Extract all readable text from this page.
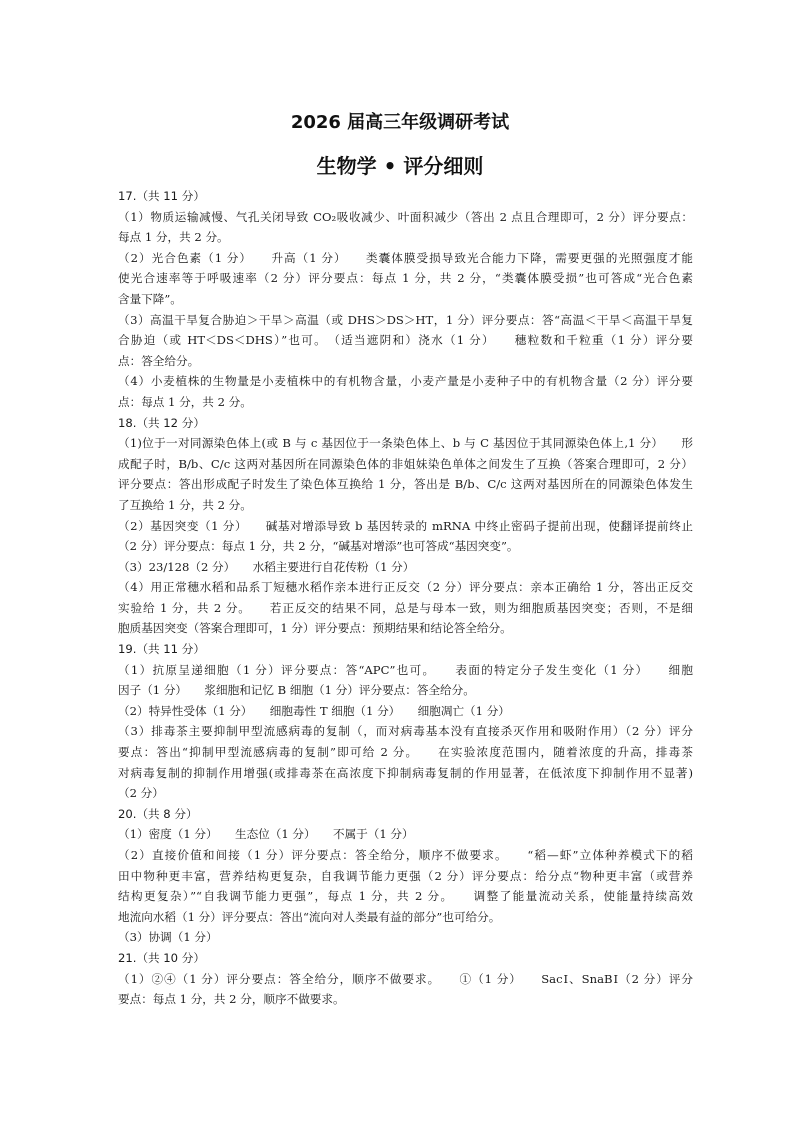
2026 届高三年级调研考试
生物学 • 评分细则
17.（共 11 分）
（1）物质运输减慢、气孔关闭导致 CO₂吸收减少、叶面积减少（答出 2 点且合理即可，2 分）评分要点：
每点 1 分，共 2 分。
（2）光合色素（1 分）　　升高（1 分）　　类囊体膜受损导致光合能力下降，需要更强的光照强度才能
使光合速率等于呼吸速率（2 分）评分要点：每点 1 分，共 2 分，“类囊体膜受损”也可答成“光合色素
含量下降”。
（3）高温干旱复合胁迫＞干旱＞高温（或 DHS＞DS＞HT，1 分）评分要点：答“高温＜干旱＜高温干旱复
合胁迫（或 HT＜DS＜DHS）”也可。　（适当遮阴和）浇水（1 分）　　穗粒数和千粒重（1 分）评分要
点：答全给分。
（4）小麦植株的生物量是小麦植株中的有机物含量，小麦产量是小麦种子中的有机物含量（2 分）评分要
点：每点 1 分，共 2 分。
18.（共 12 分）
（1)位于一对同源染色体上(或 B 与 c 基因位于一条染色体上、b 与 C 基因位于其同源染色体上,1 分）　　形
成配子时，B/b、C/c 这两对基因所在同源染色体的非姐妹染色单体之间发生了互换（答案合理即可，2 分）
评分要点：答出形成配子时发生了染色体互换给 1 分，答出是 B/b、C/c 这两对基因所在的同源染色体发生
了互换给 1 分，共 2 分。
（2）基因突变（1 分）　　碱基对增添导致 b 基因转录的 mRNA 中终止密码子提前出现，使翻译提前终止
（2 分）评分要点：每点 1 分，共 2 分，“碱基对增添”也可答成“基因突变”。
（3）23/128（2 分）　　水稻主要进行自花传粉（1 分）
（4）用正常穗水稻和品系丁短穗水稻作亲本进行正反交（2 分）评分要点：亲本正确给 1 分，答出正反交
实验给 1 分，共 2 分。　　若正反交的结果不同，总是与母本一致，则为细胞质基因突变；否则，不是细
胞质基因突变（答案合理即可，1 分）评分要点：预期结果和结论答全给分。
19.（共 11 分）
（1）抗原呈递细胞（1 分）评分要点：答“APC”也可。　　表面的特定分子发生变化（1 分）　　细胞
因子（1 分）　　浆细胞和记忆 B 细胞（1 分）评分要点：答全给分。
（2）特异性受体（1 分）　　细胞毒性 T 细胞（1 分）　　细胞凋亡（1 分）
（3）排毒茶主要抑制甲型流感病毒的复制（，而对病毒基本没有直接杀灭作用和吸附作用）（2 分）评分
要点：答出“抑制甲型流感病毒的复制”即可给 2 分。　　在实验浓度范围内，随着浓度的升高，排毒茶
对病毒复制的抑制作用增强(或排毒茶在高浓度下抑制病毒复制的作用显著，在低浓度下抑制作用不显著)
（2 分）
20.（共 8 分）
（1）密度（1 分）　　生态位（1 分）　　不属于（1 分）
（2）直接价值和间接（1 分）评分要点：答全给分，顺序不做要求。　　“稻—虾”立体种养模式下的稻
田中物种更丰富，营养结构更复杂，自我调节能力更强（2 分）评分要点：给分点“物种更丰富（或营养
结构更复杂）”“自我调节能力更强”，每点 1 分，共 2 分。　　调整了能量流动关系，使能量持续高效
地流向水稻（1 分）评分要点：答出“流向对人类最有益的部分”也可给分。
（3）协调（1 分）
21.（共 10 分）
（1）②④（1 分）评分要点：答全给分，顺序不做要求。　　①（1 分）　　SacⅠ、SnaBⅠ（2 分）评分
要点：每点 1 分，共 2 分，顺序不做要求。
